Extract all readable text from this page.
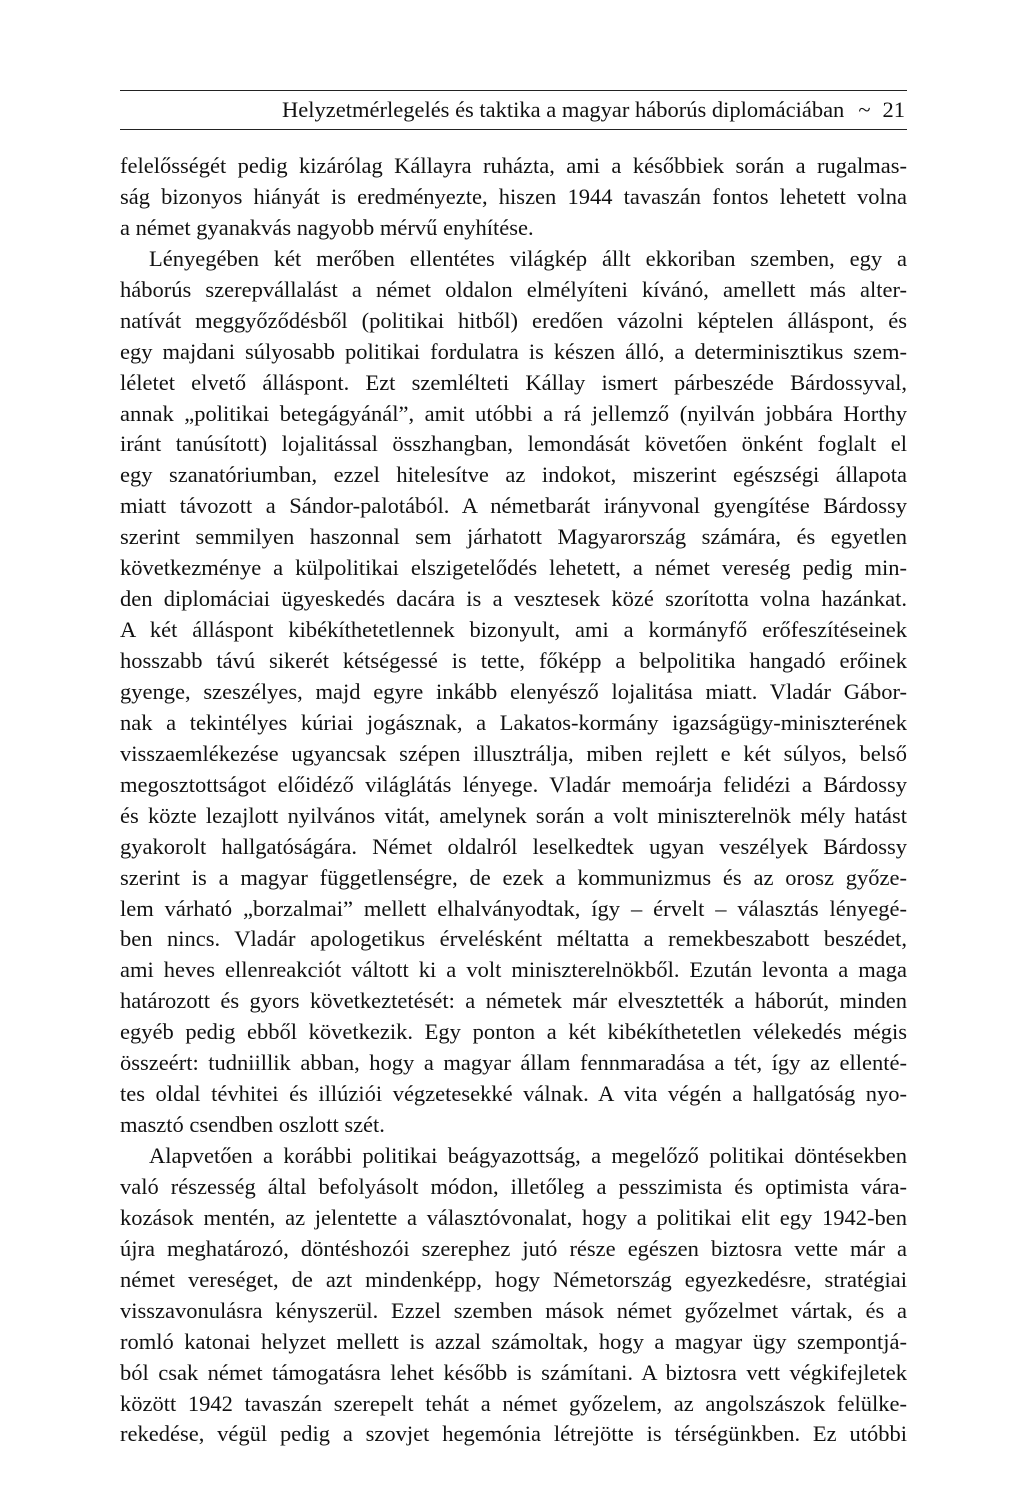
Helyzetmérlegelés és taktika a magyar háborús diplomáciában ~ 21
felelősségét pedig kizárólag Kállayra ruházta, ami a későbbiek során a rugalmas-
ság bizonyos hiányát is eredményezte, hiszen 1944 tavaszán fontos lehetett volna
a német gyanakvás nagyobb mérvű enyhítése.
Lényegében két merőben ellentétes világkép állt ekkoriban szemben, egy a
háborús szerepvállalást a német oldalon elmélyíteni kívánó, amellett más alter-
natívát meggyőződésből (politikai hitből) eredően vázolni képtelen álláspont, és
egy majdani súlyosabb politikai fordulatra is készen álló, a determinisztikus szem-
léletet elvető álláspont. Ezt szemlélteti Kállay ismert párbeszéde Bárdossyval,
annak „politikai betegágyánál”, amit utóbbi a rá jellemző (nyilván jobbára Horthy
iránt tanúsított) lojalitással összhangban, lemondását követően önként foglalt el
egy szanatóriumban, ezzel hitelesítve az indokot, miszerint egészségi állapota
miatt távozott a Sándor-palotából. A németbarát irányvonal gyengítése Bárdossy
szerint semmilyen haszonnal sem járhatott Magyarország számára, és egyetlen
következménye a külpolitikai elszigetelődés lehetett, a német vereség pedig min-
den diplomáciai ügyeskedés dacára is a vesztesek közé szorította volna hazánkat.
A két álláspont kibékíthetetlennek bizonyult, ami a kormányfő erőfeszítéseinek
hosszabb távú sikerét kétségessé is tette, főképp a belpolitika hangadó erőinek
gyenge, szeszélyes, majd egyre inkább elenyésző lojalitása miatt. Vladár Gábor-
nak a tekintélyes kúriai jogásznak, a Lakatos-kormány igazságügy-miniszterének
visszaemlékezése ugyancsak szépen illusztrálja, miben rejlett e két súlyos, belső
megosztottságot előidéző világlátás lényege. Vladár memoárja felidézi a Bárdossy
és közte lezajlott nyilvános vitát, amelynek során a volt miniszterelnök mély hatást
gyakorolt hallgatóságára. Német oldalról leselkedtek ugyan veszélyek Bárdossy
szerint is a magyar függetlenségre, de ezek a kommunizmus és az orosz győze-
lem várható „borzalmai” mellett elhalványodtak, így – érvelt – választás lényegé-
ben nincs. Vladár apologetikus érvelésként méltatta a remekbeszabott beszédet,
ami heves ellenreakciót váltott ki a volt miniszterelnökből. Ezután levonta a maga
határozott és gyors következtetését: a németek már elvesztették a háborút, minden
egyéb pedig ebből következik. Egy ponton a két kibékíthetetlen vélekedés mégis
összeért: tudniillik abban, hogy a magyar állam fennmaradása a tét, így az ellenté-
tes oldal tévhitei és illúziói végzetesekké válnak. A vita végén a hallgatóság nyo-
masztó csendben oszlott szét.
Alapvetően a korábbi politikai beágyazottság, a megelőző politikai döntésekben
való részesség által befolyásolt módon, illetőleg a pesszimista és optimista vára-
kozások mentén, az jelentette a választóvonalat, hogy a politikai elit egy 1942-ben
újra meghatározó, döntéshozói szerephez jutó része egészen biztosra vette már a
német vereséget, de azt mindenképp, hogy Németország egyezkedésre, stratégiai
visszavonulásra kényszerül. Ezzel szemben mások német győzelmet vártak, és a
romló katonai helyzet mellett is azzal számoltak, hogy a magyar ügy szempontjá-
ból csak német támogatásra lehet később is számítani. A biztosra vett végkifejletek
között 1942 tavaszán szerepelt tehát a német győzelem, az angolszászok felülke-
rekedése, végül pedig a szovjet hegemónia létrejötte is térségünkben. Ez utóbbi
